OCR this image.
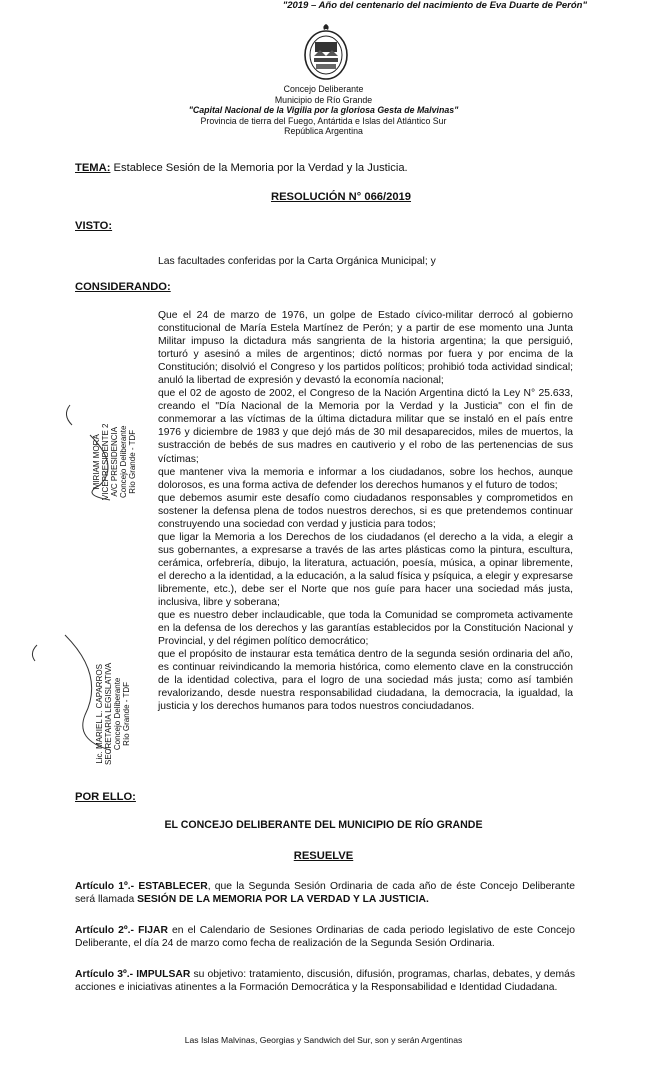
"2019 – Año del centenario del nacimiento de Eva Duarte de Perón"
Concejo Deliberante
Municipio de Río Grande
"Capital Nacional de la Vigilia por la gloriosa Gesta de Malvinas"
Provincia de tierra del Fuego, Antártida e Islas del Atlántico Sur
República Argentina
TEMA: Establece Sesión de la Memoria por la Verdad y la Justicia.
RESOLUCIÓN N° 066/2019
VISTO:
Las facultades conferidas por la Carta Orgánica Municipal; y
CONSIDERANDO:

Que el 24 de marzo de 1976, un golpe de Estado cívico-militar derrocó al gobierno constitucional de María Estela Martínez de Perón; y a partir de ese momento una Junta Militar impuso la dictadura más sangrienta de la historia argentina; la que persiguió, torturó y asesinó a miles de argentinos; dictó normas por fuera y por encima de la Constitución; disolvió el Congreso y los partidos políticos; prohibió toda actividad sindical; anuló la libertad de expresión y devastó la economía nacional;

que el 02 de agosto de 2002, el Congreso de la Nación Argentina dictó la Ley N° 25.633, creando el "Día Nacional de la Memoria por la Verdad y la Justicia" con el fin de conmemorar a las víctimas de la última dictadura militar que se instaló en el país entre 1976 y diciembre de 1983 y que dejó más de 30 mil desaparecidos, miles de muertos, la sustracción de bebés de sus madres en cautiverio y el robo de las pertenencias de sus víctimas;

que mantener viva la memoria e informar a los ciudadanos, sobre los hechos, aunque dolorosos, es una forma activa de defender los derechos humanos y el futuro de todos;

que debemos asumir este desafío como ciudadanos responsables y comprometidos en sostener la defensa plena de todos nuestros derechos, si es que pretendemos continuar construyendo una sociedad con verdad y justicia para todos;

que ligar la Memoria a los Derechos de los ciudadanos (el derecho a la vida, a elegir a sus gobernantes, a expresarse a través de las artes plásticas como la pintura, escultura, cerámica, orfebrería, dibujo, la literatura, actuación, poesía, música, a opinar libremente, el derecho a la identidad, a la educación, a la salud física y psíquica, a elegir y expresarse libremente, etc.), debe ser el Norte que nos guíe para hacer una sociedad más justa, inclusiva, libre y soberana;

que es nuestro deber inclaudicable, que toda la Comunidad se comprometa activamente en la defensa de los derechos y las garantías establecidos por la Constitución Nacional y Provincial, y del régimen político democrático;

que el propósito de instaurar esta temática dentro de la segunda sesión ordinaria del año, es continuar reivindicando la memoria histórica, como elemento clave en la construcción de la identidad colectiva, para el logro de una sociedad más justa; como así también revalorizando, desde nuestra responsabilidad ciudadana, la democracia, la igualdad, la justicia y los derechos humanos para todos nuestros conciudadanos.

MIRIAM MORA VICEPRESIDENTE 2 A/C PRESIDENCIA Concejo Deliberante Río Grande - TDF
Lic. MARIEL L. CAPARROS SECRETARIA LEGISLATIVA Concejo Deliberante Río Grande - TDF
POR ELLO:
EL CONCEJO DELIBERANTE DEL MUNICIPIO DE RÍO GRANDE
RESUELVE

Artículo 1º.- ESTABLECER, que la Segunda Sesión Ordinaria de cada año de éste Concejo Deliberante será llamada SESIÓN DE LA MEMORIA POR LA VERDAD Y LA JUSTICIA.

Artículo 2º.- FIJAR en el Calendario de Sesiones Ordinarias de cada periodo legislativo de este Concejo Deliberante, el día 24 de marzo como fecha de realización de la Segunda Sesión Ordinaria.

Artículo 3º.- IMPULSAR su objetivo: tratamiento, discusión, difusión, programas, charlas, debates, y demás acciones e iniciativas atinentes a la Formación Democrática y la Responsabilidad e Identidad Ciudadana.

Las Islas Malvinas, Georgias y Sandwich del Sur, son y serán Argentinas
